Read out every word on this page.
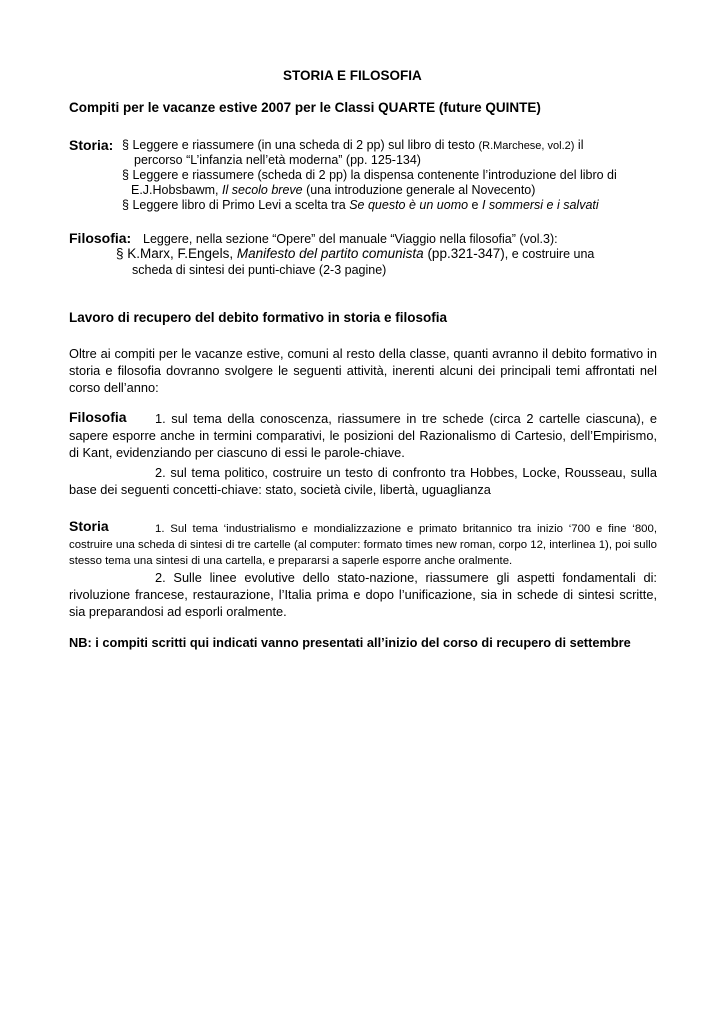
STORIA E FILOSOFIA
Compiti per le vacanze estive 2007 per le Classi QUARTE (future QUINTE)
Storia: § Leggere e riassumere (in una scheda di 2 pp) sul libro di testo (R.Marchese, vol.2) il
percorso “L’infanzia nell’età moderna” (pp. 125-134)
§ Leggere e riassumere (scheda di 2 pp) la dispensa contenente l’introduzione del libro di
E.J.Hobsbawm, Il secolo breve (una introduzione generale al Novecento)
§ Leggere libro di Primo Levi a scelta tra Se questo è un uomo e I sommersi e i salvati
Filosofia: Leggere, nella sezione “Opere” del manuale “Viaggio nella filosofia” (vol.3):
§ K.Marx, F.Engels, Manifesto del partito comunista (pp.321-347), e costruire una
scheda di sintesi dei punti-chiave (2-3 pagine)
Lavoro di recupero del debito formativo in storia e filosofia
Oltre ai compiti per le vacanze estive, comuni al resto della classe, quanti avranno il debito formativo in storia e filosofia dovranno svolgere le seguenti attività, inerenti alcuni dei principali temi affrontati nel corso dell’anno:
Filosofia	1. sul tema della conoscenza, riassumere in tre schede (circa 2 cartelle ciascuna), e sapere esporre anche in termini comparativi, le posizioni del Razionalismo di Cartesio, dell’Empirismo, di Kant, evidenziando per ciascuno di essi le parole-chiave.
2. sul tema politico, costruire un testo di confronto tra Hobbes, Locke, Rousseau, sulla base dei seguenti concetti-chiave: stato, società civile, libertà, uguaglianza
Storia	1. Sul tema ‘industrialismo e mondializzazione e primato britannico tra inizio ‘700 e fine ‘800, costruire una scheda di sintesi di tre cartelle (al computer: formato times new roman, corpo 12, interlinea 1), poi sullo stesso tema una sintesi di una cartella, e prepararsi a saperle esporre anche oralmente.
2. Sulle linee evolutive dello stato-nazione, riassumere gli aspetti fondamentali di: rivoluzione francese, restaurazione, l’Italia prima e dopo l’unificazione, sia in schede di sintesi scritte, sia preparandosi ad esporli oralmente.
NB: i compiti scritti qui indicati vanno presentati all’inizio del corso di recupero di settembre
